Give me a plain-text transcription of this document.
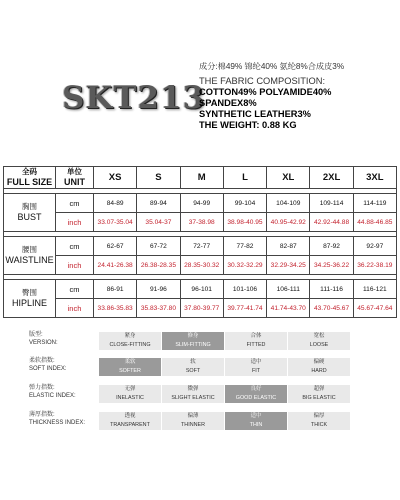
SKT213
成分:棉49% 锦纶40% 氨纶8%合成皮3%
THE FABRIC COMPOSITION:
COTTON49% POLYAMIDE40%
SPANDEX8%
SYNTHETIC LEATHER3%
THE WEIGHT: 0.88 KG
全码
FULL SIZE	单位
UNIT	XS	S	M	L	XL	2XL	3XL

胸围
BUST	cm	84-89	89-94	94-99	99-104	104-109	109-114	114-119
	inch	33.07-35.04	35.04-37	37-38.98	38.98-40.95	40.95-42.92	42.92-44.88	44.88-46.85

腰围
WAISTLINE	cm	62-67	67-72	72-77	77-82	82-87	87-92	92-97
	inch	24.41-26.38	26.38-28.35	28.35-30.32	30.32-32.29	32.29-34.25	34.25-36.22	36.22-38.19

臀围
HIPLINE	cm	86-91	91-96	96-101	101-106	106-111	111-116	116-121
	inch	33.86-35.83	35.83-37.80	37.80-39.77	39.77-41.74	41.74-43.70	43.70-45.67	45.67-47.64
版型:
VERSION:
紧身
CLOSE-FITTING
修身
SLIM-FITTING
合体
FITTED
宽松
LOOSE
柔软指数:
SOFT INDEX:
柔软
SOFTER
软
SOFT
适中
FIT
偏硬
HARD
弹力指数:
ELASTIC INDEX:
无弹
INELASTIC
微弹
SLIGHT ELASTIC
良好
GOOD ELASTIC
超弹
BIG ELASTIC
薄厚指数:
THICKNESS INDEX:
透视
TRANSPARENT
偏薄
THINNER
适中
THIN
偏厚
THICK
